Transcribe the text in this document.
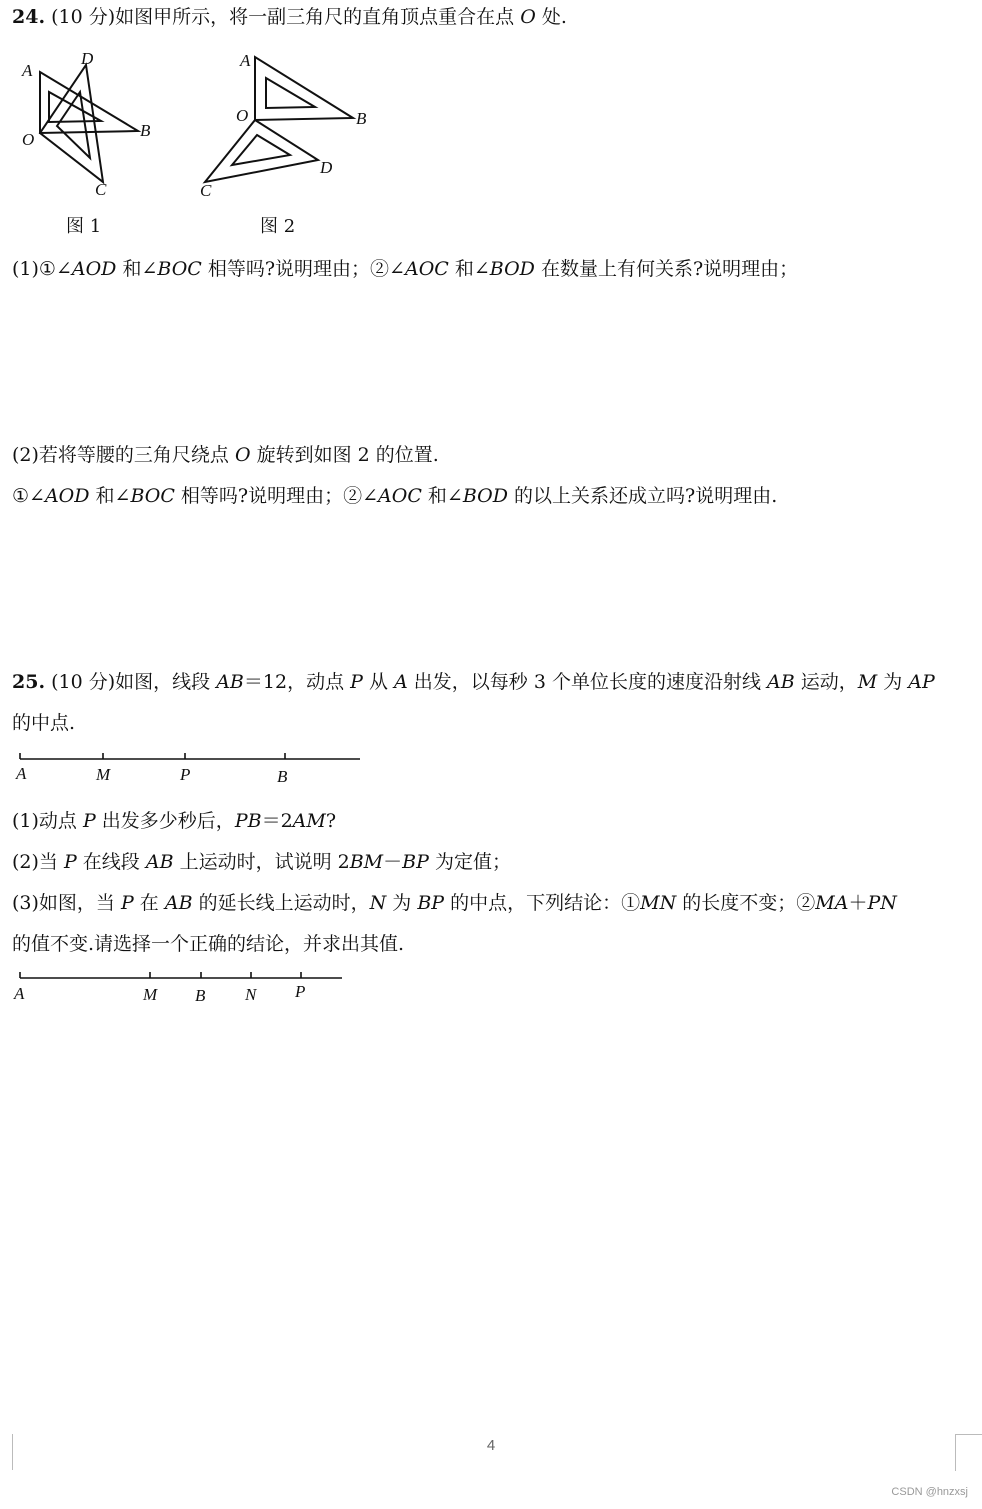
24. (10 分)如图甲所示，将一副三角尺的直角顶点重合在点 O 处.
A
D
B
O
C
图 1
A
O	B
D
C
图 2
(1)①∠AOD 和∠BOC 相等吗?说明理由；②∠AOC 和∠BOD 在数量上有何关系?说明理由；
(2)若将等腰的三角尺绕点 O 旋转到如图 2 的位置.
①∠AOD 和∠BOC 相等吗?说明理由；②∠AOC 和∠BOD 的以上关系还成立吗?说明理由.
25. (10 分)如图，线段 AB＝12，动点 P 从 A 出发，以每秒 3 个单位长度的速度沿射线 AB 运动，M 为 AP
的中点.
A	M	P	B
(1)动点 P 出发多少秒后，PB＝2AM?
(2)当 P 在线段 AB 上运动时，试说明 2BM－BP 为定值；
(3)如图，当 P 在 AB 的延长线上运动时，N 为 BP 的中点，下列结论：①MN 的长度不变；②MA＋PN
的值不变.请选择一个正确的结论，并求出其值.
A	M B N P
4
CSDN @hnzxsj
